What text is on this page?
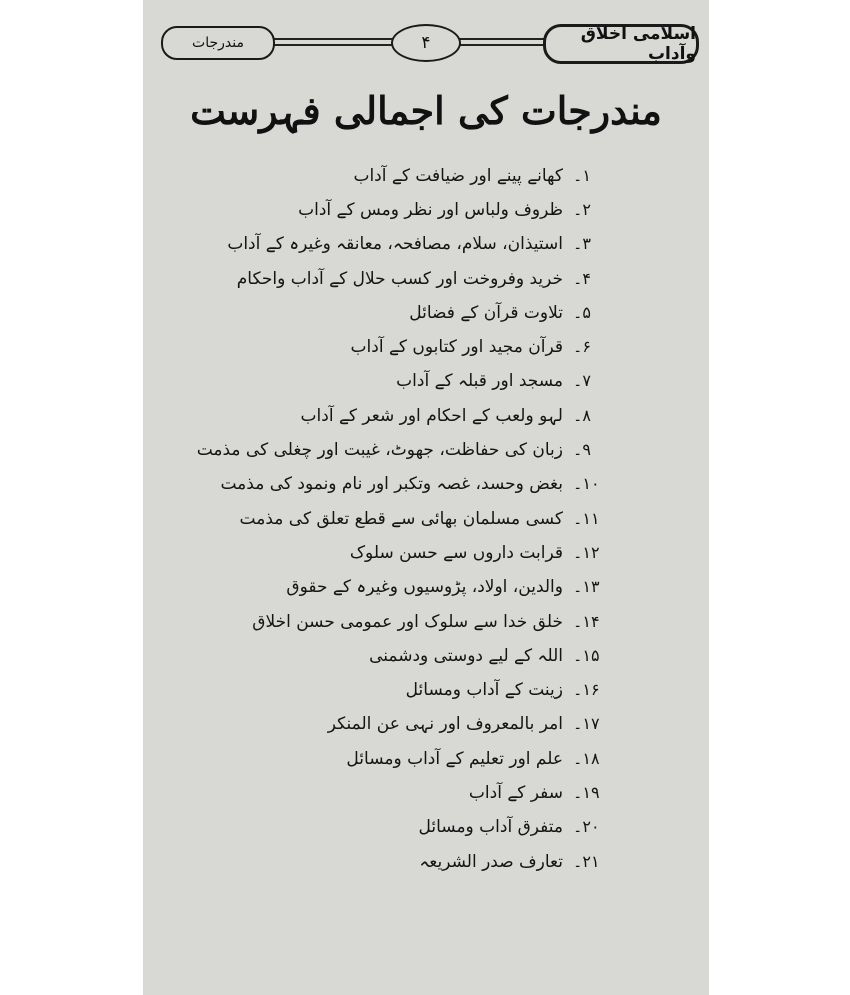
مندرجات	۴	اسلامی اخلاق وآداب
مندرجات کی اجمالی فہرست
۱۔
کھانے پینے اور ضیافت کے آداب
۲۔
ظروف ولباس اور نظر ومس کے آداب
۳۔
استیذان، سلام، مصافحہ، معانقہ وغیرہ کے آداب
۴۔
خرید وفروخت اور کسب حلال کے آداب واحکام
۵۔
تلاوت قرآن کے فضائل
۶۔
قرآن مجید اور کتابوں کے آداب
۷۔
مسجد اور قبلہ کے آداب
۸۔
لہو ولعب کے احکام اور شعر کے آداب
۹۔
زبان کی حفاظت، جھوٹ، غیبت اور چغلی کی مذمت
۱۰۔
بغض وحسد، غصہ وتکبر اور نام ونمود کی مذمت
۱۱۔
کسی مسلمان بھائی سے قطع تعلق کی مذمت
۱۲۔
قرابت داروں سے حسن سلوک
۱۳۔
والدین، اولاد، پڑوسیوں وغیرہ کے حقوق
۱۴۔
خلق خدا سے سلوک اور عمومی حسن اخلاق
۱۵۔
اللہ کے لیے دوستی ودشمنی
۱۶۔
زینت کے آداب ومسائل
۱۷۔
امر بالمعروف اور نہی عن المنکر
۱۸۔
علم اور تعلیم کے آداب ومسائل
۱۹۔
سفر کے آداب
۲۰۔
متفرق آداب ومسائل
۲۱۔
تعارف صدر الشریعہ
